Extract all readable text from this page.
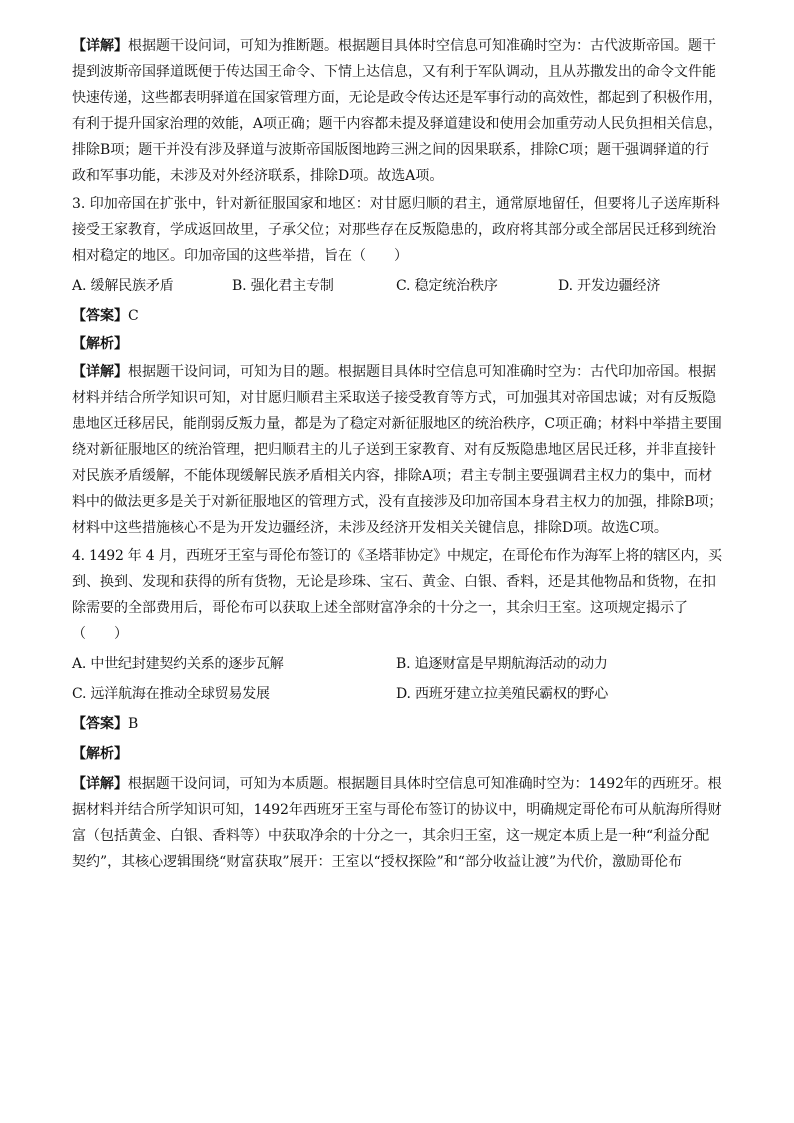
【详解】根据题干设问词，可知为推断题。根据题目具体时空信息可知准确时空为：古代波斯帝国。题干
提到波斯帝国驿道既便于传达国王命令、下情上达信息，又有利于军队调动，且从苏撒发出的命令文件能
快速传递，这些都表明驿道在国家管理方面，无论是政令传达还是军事行动的高效性，都起到了积极作用，
有利于提升国家治理的效能，A项正确；题干内容都未提及驿道建设和使用会加重劳动人民负担相关信息，
排除B项；题干并没有涉及驿道与波斯帝国版图地跨三洲之间的因果联系，排除C项；题干强调驿道的行
政和军事功能，未涉及对外经济联系，排除D项。故选A项。
3. 印加帝国在扩张中，针对新征服国家和地区：对甘愿归顺的君主，通常原地留任，但要将儿子送库斯科
接受王家教育，学成返回故里，子承父位；对那些存在反叛隐患的，政府将其部分或全部居民迁移到统治
相对稳定的地区。印加帝国的这些举措，旨在（　　）
A. 缓解民族矛盾	B. 强化君主专制	C. 稳定统治秩序	D. 开发边疆经济
【答案】C
【解析】
【详解】根据题干设问词，可知为目的题。根据题目具体时空信息可知准确时空为：古代印加帝国。根据
材料并结合所学知识可知，对甘愿归顺君主采取送子接受教育等方式，可加强其对帝国忠诚；对有反叛隐
患地区迁移居民，能削弱反叛力量，都是为了稳定对新征服地区的统治秩序，C项正确；材料中举措主要围
绕对新征服地区的统治管理，把归顺君主的儿子送到王家教育、对有反叛隐患地区居民迁移，并非直接针
对民族矛盾缓解，不能体现缓解民族矛盾相关内容，排除A项；君主专制主要强调君主权力的集中，而材
料中的做法更多是关于对新征服地区的管理方式，没有直接涉及印加帝国本身君主权力的加强，排除B项；
材料中这些措施核心不是为开发边疆经济，未涉及经济开发相关关键信息，排除D项。故选C项。
4. 1492 年 4 月，西班牙王室与哥伦布签订的《圣塔菲协定》中规定，在哥伦布作为海军上将的辖区内，买
到、换到、发现和获得的所有货物，无论是珍珠、宝石、黄金、白银、香料，还是其他物品和货物，在扣
除需要的全部费用后，哥伦布可以获取上述全部财富净余的十分之一，其余归王室。这项规定揭示了
（　　）
A. 中世纪封建契约关系的逐步瓦解	B. 追逐财富是早期航海活动的动力
C. 远洋航海在推动全球贸易发展	D. 西班牙建立拉美殖民霸权的野心
【答案】B
【解析】
【详解】根据题干设问词，可知为本质题。根据题目具体时空信息可知准确时空为：1492年的西班牙。根
据材料并结合所学知识可知，1492年西班牙王室与哥伦布签订的协议中，明确规定哥伦布可从航海所得财
富（包括黄金、白银、香料等）中获取净余的十分之一，其余归王室，这一规定本质上是一种“利益分配
契约”，其核心逻辑围绕“财富获取”展开：王室以“授权探险”和“部分收益让渡”为代价，激励哥伦布
